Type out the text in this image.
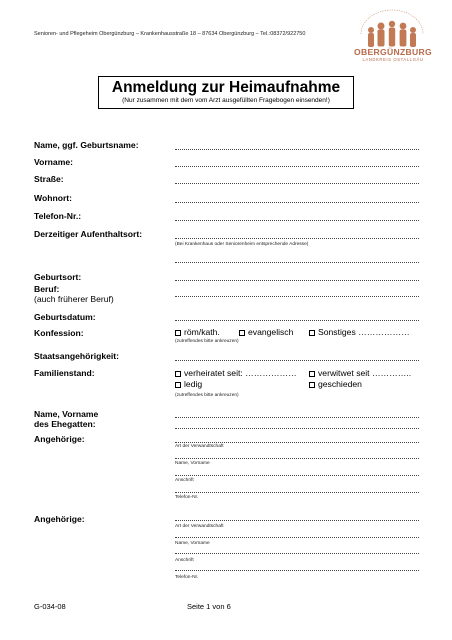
Senioren- und Pflegeheim Obergünzburg – Krankenhausstraße 18 – 87634 Obergünzburg – Tel.:08372/922750
OBERGÜNZBURG
LANDKREIS OSTALLGÄU
Anmeldung zur Heimaufnahme
(Nur zusammen mit dem vom Arzt ausgefüllten Fragebogen einsenden!)
Name, ggf. Geburtsname:
Vorname:
Straße:
Wohnort:
Telefon-Nr.:
Derzeitiger Aufenthaltsort:
(Bei Krankenhaus oder Seniorenheim entsprechende Adresse)
Geburtsort:
Beruf:
(auch früherer Beruf)
Geburtsdatum:
Konfession:	röm/kath.	evangelisch	Sonstiges ………………
(zutreffendes bitte ankreuzen)
Staatsangehörigkeit:
Familienstand:	verheiratet seit: ………………	verwitwet seit …………..
ledig	geschieden
(zutreffendes bitte ankreuzen)
Name, Vorname
des Ehegatten:
Angehörige:
Art der Verwandtschaft
Name, Vorname
Anschrift
Telefon-Nr.
Angehörige:
Art der Verwandtschaft
Name, Vorname
Anschrift
Telefon-Nr.
G-034-08	Seite 1 von 6
